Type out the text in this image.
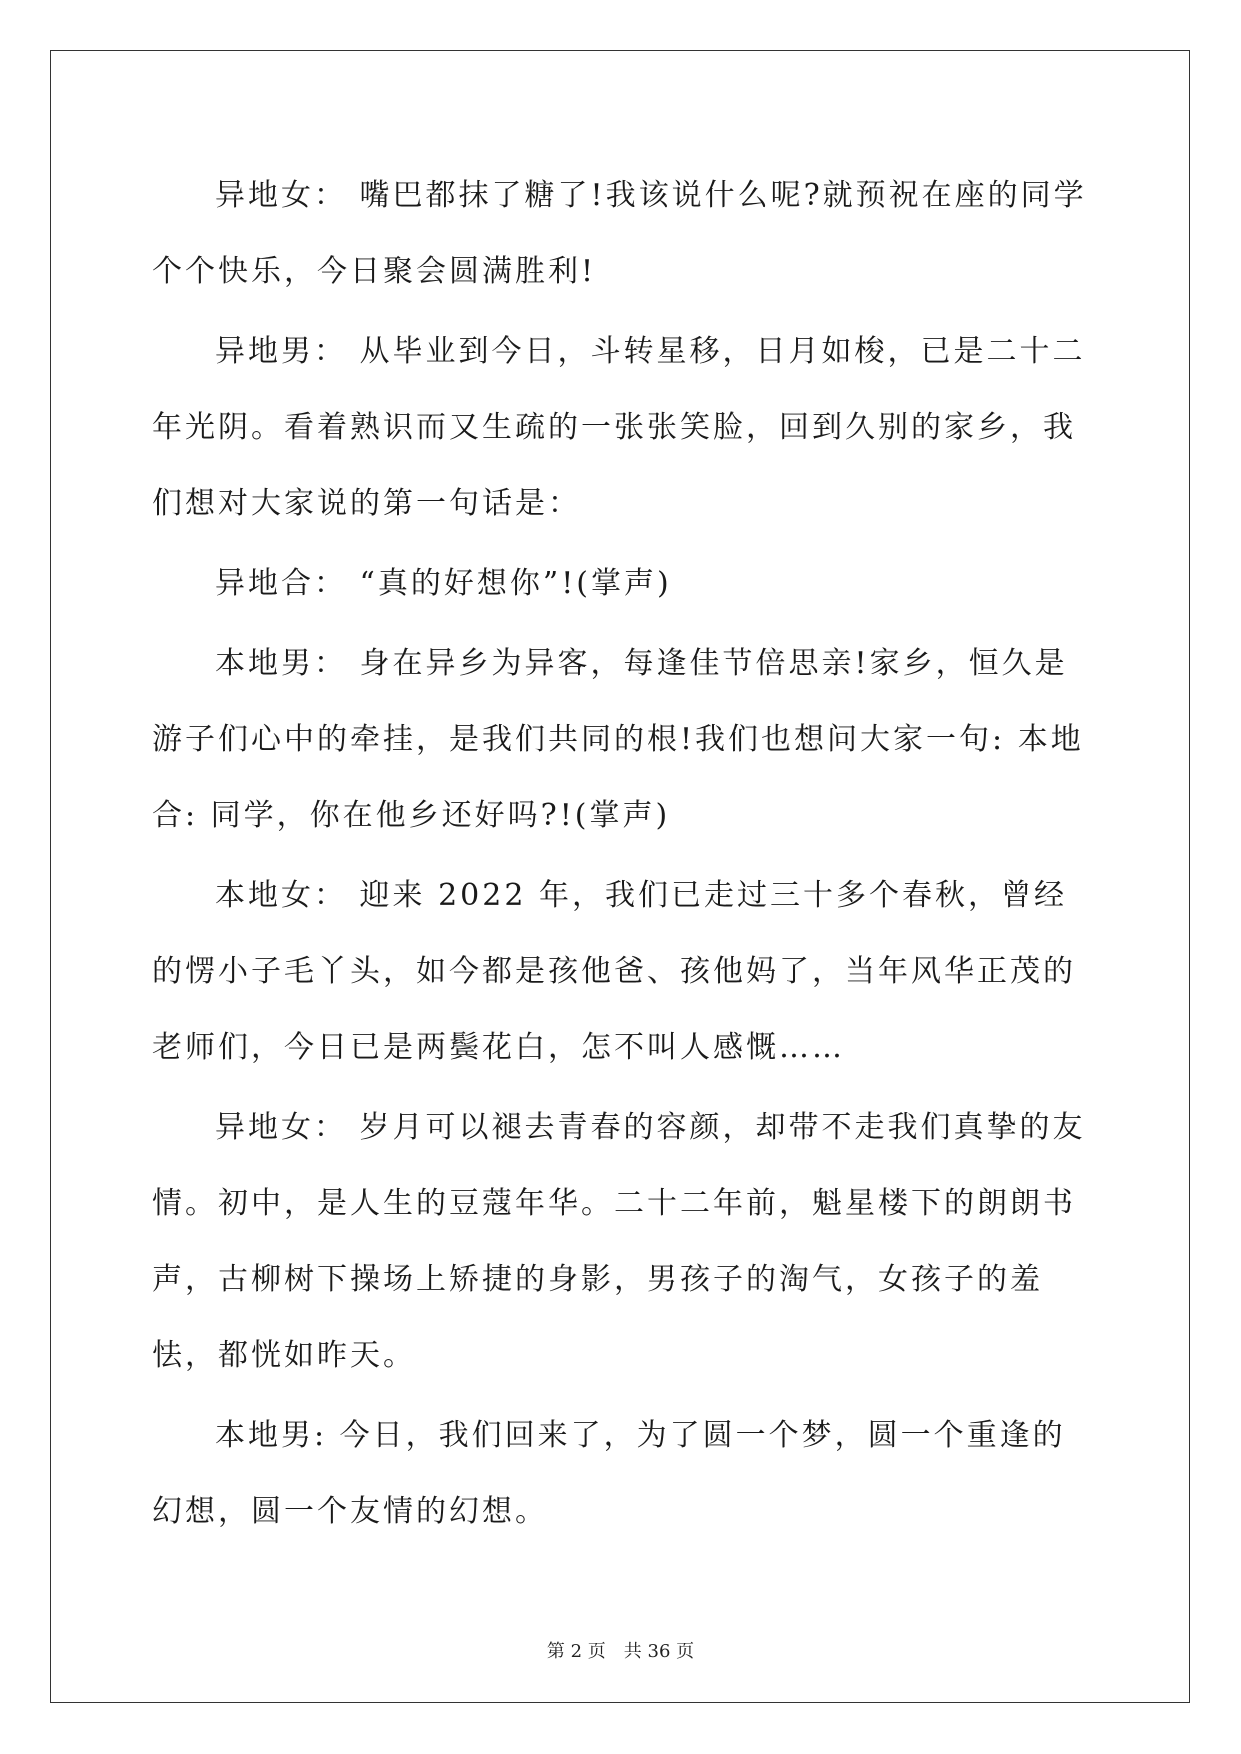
异地女： 嘴巴都抹了糖了!我该说什么呢?就预祝在座的同学个个快乐，今日聚会圆满胜利!

异地男： 从毕业到今日，斗转星移，日月如梭，已是二十二年光阴。看着熟识而又生疏的一张张笑脸，回到久别的家乡，我们想对大家说的第一句话是：

异地合： “真的好想你”!(掌声)

本地男： 身在异乡为异客，每逢佳节倍思亲!家乡，恒久是游子们心中的牵挂，是我们共同的根!我们也想问大家一句: 本地合: 同学，你在他乡还好吗?!(掌声)

本地女： 迎来 2022 年，我们已走过三十多个春秋，曾经的愣小子毛丫头，如今都是孩他爸、孩他妈了，当年风华正茂的老师们，今日已是两鬓花白，怎不叫人感慨……

异地女： 岁月可以褪去青春的容颜，却带不走我们真挚的友情。初中，是人生的豆蔻年华。二十二年前，魁星楼下的朗朗书声，古柳树下操场上矫捷的身影，男孩子的淘气，女孩子的羞怯，都恍如昨天。

本地男: 今日，我们回来了，为了圆一个梦，圆一个重逢的幻想，圆一个友情的幻想。

第 2 页　共 36 页
